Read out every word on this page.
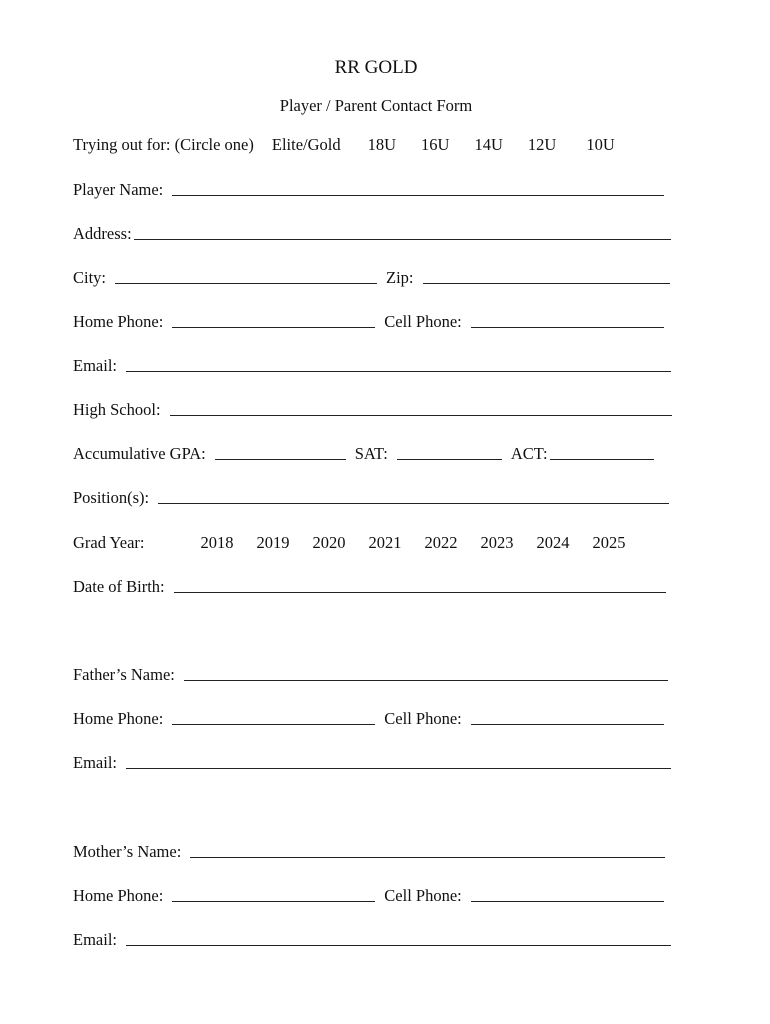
RR GOLD
Player / Parent Contact Form
Trying out for: (Circle one) Elite/Gold 18U 16U 14U 12U 10U
Player Name:
Address:
City:	Zip:
Home Phone:	Cell Phone:
Email:
High School:
Accumulative GPA:	SAT:	ACT:
Position(s):
Grad Year:	2018 2019 2020 2021 2022 2023 2024 2025
Date of Birth:
Father’s Name:
Home Phone:	Cell Phone:
Email:
Mother’s Name:
Home Phone:	Cell Phone:
Email:
